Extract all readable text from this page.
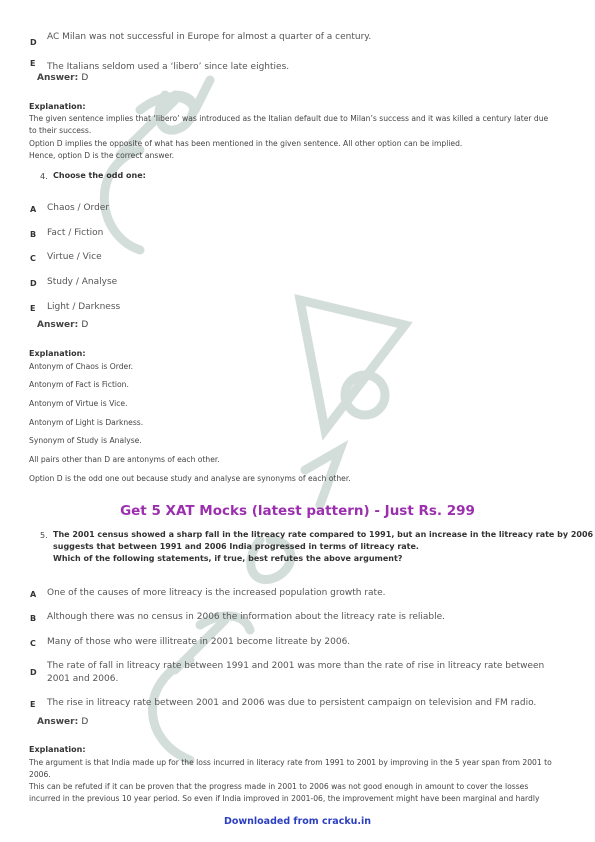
D
AC Milan was not successful in Europe for almost a quarter of a century.
E The Italians seldom used a ‘libero’ since late eighties.
Answer: D
Explanation:
The given sentence implies that ‘libero’ was introduced as the Italian default due to Milan’s success and it was killed a century later due
to their success.
Option D implies the opposite of what has been mentioned in the given sentence. All other option can be implied.
Hence, option D is the correct answer.
4. Choose the odd one:
A Chaos / Order
B Fact / Fiction
C Virtue / Vice
D Study / Analyse
E Light / Darkness
Answer: D
Explanation:
Antonym of Chaos is Order.
Antonym of Fact is Fiction.
Antonym of Virtue is Vice.
Antonym of Light is Darkness.
Synonym of Study is Analyse.
All pairs other than D are antonyms of each other.
Option D is the odd one out because study and analyse are synonyms of each other.
Get 5 XAT Mocks (latest pattern) - Just Rs. 299
5. The 2001 census showed a sharp fall in the litreacy rate compared to 1991, but an increase in the litreacy rate by 2006
suggests that between 1991 and 2006 India progressed in terms of litreacy rate.
Which of the following statements, if true, best refutes the above argument?
A One of the causes of more litreacy is the increased population growth rate.
B Although there was no census in 2006 the information about the litreacy rate is reliable.
C Many of those who were illitreate in 2001 become litreate by 2006.
D
The rate of fall in litreacy rate between 1991 and 2001 was more than the rate of rise in litreacy rate between
2001 and 2006.
E The rise in litreacy rate between 2001 and 2006 was due to persistent campaign on television and FM radio.
Answer: D
Explanation:
The argument is that India made up for the loss incurred in literacy rate from 1991 to 2001 by improving in the 5 year span from 2001 to
2006.
This can be refuted if it can be proven that the progress made in 2001 to 2006 was not good enough in amount to cover the losses
incurred in the previous 10 year period. So even if India improved in 2001-06, the improvement might have been marginal and hardly
Downloaded from cracku.in
